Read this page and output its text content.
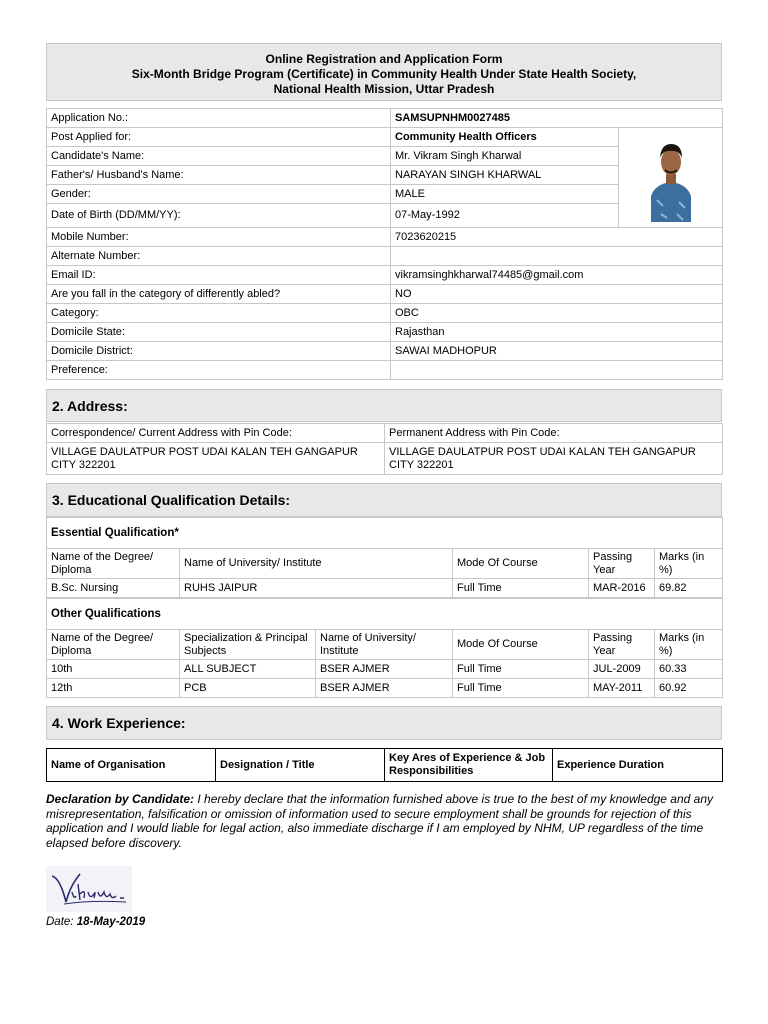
Online Registration and Application Form
Six-Month Bridge Program (Certificate) in Community Health Under State Health Society,
National Health Mission, Uttar Pradesh
Application No.:	SAMSUPNHM0027485	
Post Applied for:	Community Health Officers	
Candidate's Name:	Mr. Vikram Singh Kharwal	
Father's/ Husband's Name:	NARAYAN SINGH KHARWAL	
Gender:	MALE	
Date of Birth (DD/MM/YY):	07-May-1992	
Mobile Number:	7023620215	
Alternate Number:		
Email ID:	vikramsinghkharwal74485@gmail.com	
Are you fall in the category of differently abled?	NO	
Category:	OBC	
Domicile State:	Rajasthan	
Domicile District:	SAWAI MADHOPUR	
Preference:		
2. Address:
Correspondence/ Current Address with Pin Code:	Permanent Address with Pin Code:
VILLAGE DAULATPUR POST UDAI KALAN TEH GANGAPUR CITY 322201	VILLAGE DAULATPUR POST UDAI KALAN TEH GANGAPUR CITY 322201
3. Educational Qualification Details:
Essential Qualification*				
Name of the Degree/ Diploma	Name of University/ Institute	Mode Of Course	Passing Year	Marks (in %)
B.Sc. Nursing	RUHS JAIPUR	Full Time	MAR-2016	69.82
Other Qualifications					
Name of the Degree/ Diploma	Specialization & Principal Subjects	Name of University/ Institute	Mode Of Course	Passing Year	Marks (in %)
10th	ALL SUBJECT	BSER AJMER	Full Time	JUL-2009	60.33
12th	PCB	BSER AJMER	Full Time	MAY-2011	60.92
4. Work Experience:
Name of Organisation	Designation / Title	Key Ares of Experience & Job Responsibilities	Experience Duration
Declaration by Candidate: I hereby declare that the information furnished above is true to the best of my knowledge and any misrepresentation, falsification or omission of information used to secure employment shall be grounds for rejection of this application and I would liable for legal action, also immediate discharge if I am employed by NHM, UP regardless of the time elapsed before discovery.
Date: 18-May-2019
